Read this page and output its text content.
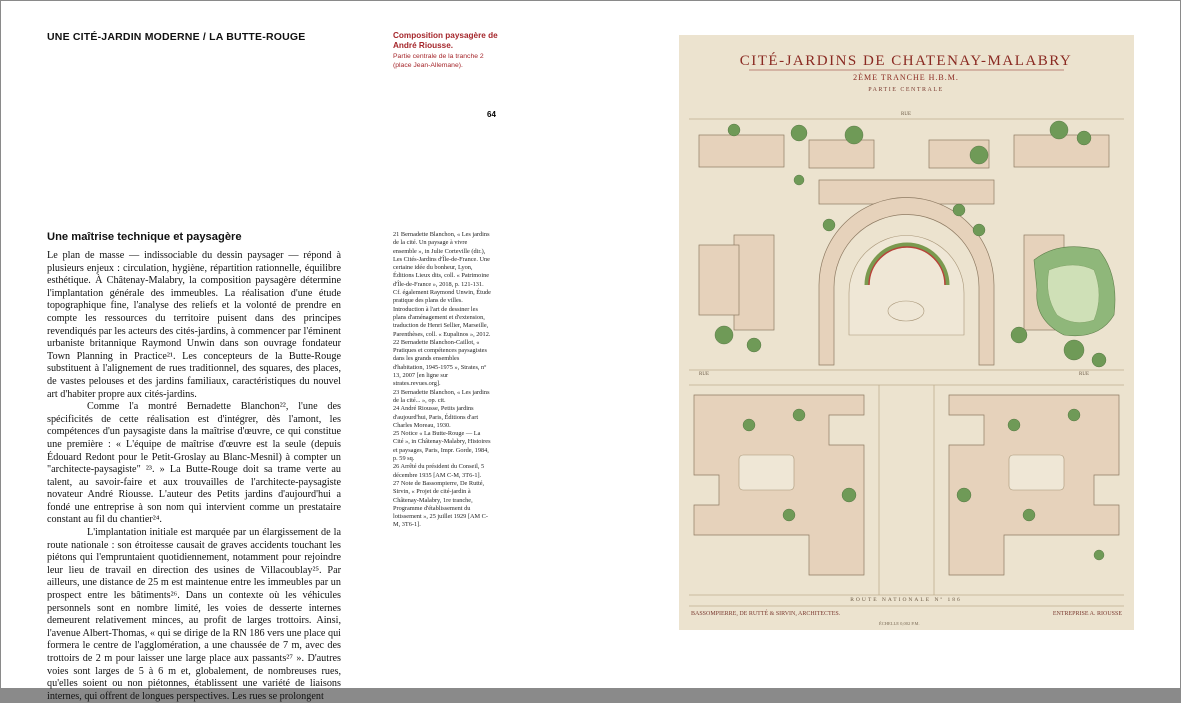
UNE CITÉ-JARDIN MODERNE / LA BUTTE-ROUGE	Composition paysagère de André Riousse.
Partie centrale de la tranche 2 (place Jean-Allemane).
64
Une maîtrise technique et paysagère

Le plan de masse — indissociable du dessin paysager — répond à plusieurs enjeux : circulation, hygiène, répartition rationnelle, équilibre esthétique. À Châtenay-Malabry, la composition paysagère détermine l'implantation générale des immeubles. La réalisation d'une étude topographique fine, l'analyse des reliefs et la volonté de prendre en compte les ressources du territoire puisent dans des principes revendiqués par les acteurs des cités-jardins, à commencer par l'éminent urbaniste britannique Raymond Unwin dans son ouvrage fondateur Town Planning in Practice²¹. Les concepteurs de la Butte-Rouge substituent à l'alignement de rues traditionnel, des squares, des places, de vastes pelouses et des jardins familiaux, caractéristiques du nouvel art d'habiter propre aux cités-jardins.

Comme l'a montré Bernadette Blanchon²², l'une des spécificités de cette réalisation est d'intégrer, dès l'amont, les compétences d'un paysagiste dans la maîtrise d'œuvre, ce qui constitue une première : « L'équipe de maîtrise d'œuvre est la seule (depuis Édouard Redont pour le Petit-Groslay au Blanc-Mesnil) à compter un "architecte-paysagiste" ²³. » La Butte-Rouge doit sa trame verte au talent, au savoir-faire et aux trouvailles de l'architecte-paysagiste novateur André Riousse. L'auteur des Petits jardins d'aujourd'hui a fondé une entreprise à son nom qui intervient comme un prestataire constant au fil du chantier²⁴.

L'implantation initiale est marquée par un élargissement de la route nationale : son étroitesse causait de graves accidents touchant les piétons qui l'empruntaient quotidiennement, notamment pour rejoindre leur lieu de travail en direction des usines de Villacoublay²⁵. Par ailleurs, une distance de 25 m est maintenue entre les immeubles par un prospect entre les bâtiments²⁶. Dans un contexte où les véhicules personnels sont en nombre limité, les voies de desserte internes demeurent relativement minces, au profit de larges trottoirs. Ainsi, l'avenue Albert-Thomas, « qui se dirige de la RN 186 vers une place qui formera le centre de l'agglomération, a une chaussée de 7 m, avec des trottoirs de 2 m pour laisser une large place aux passants²⁷ ». D'autres voies sont larges de 5 à 6 m et, globalement, de nombreuses rues, qu'elles soient ou non piétonnes, établissent une variété de liaisons internes, qui offrent de longues perspectives. Les rues se prolongent

21 Bernadette Blanchon, « Les jardins de la cité. Un paysage à vivre ensemble », in Julie Corteville (dir.), Les Cités-Jardins d'Île-de-France. Une certaine idée du bonheur, Lyon, Éditions Lieux dits, coll. « Patrimoine d'Île-de-France », 2018, p. 121-131. Cf. également Raymond Unwin, Étude pratique des plans de villes. Introduction à l'art de dessiner les plans d'aménagement et d'extension, traduction de Henri Sellier, Marseille, Parenthèses, coll. « Eupalinos », 2012.

22 Bernadette Blanchon-Caillot, « Pratiques et compétences paysagistes dans les grands ensembles d'habitation, 1945-1975 », Strates, nº 13, 2007 [en ligne sur strates.revues.org].

23 Bernadette Blanchon, « Les jardins de la cité... », op. cit.

24 André Riousse, Petits jardins d'aujourd'hui, Paris, Éditions d'art Charles Moreau, 1930.

25 Notice « La Butte-Rouge — La Cité », in Châtenay-Malabry, Histoires et paysages, Paris, Impr. Gorde, 1984, p. 59 sq.

26 Arrêté du président du Conseil, 5 décembre 1935 [AM C-M, 3T6-1].

27 Note de Bassompierre, De Rutté, Sirvin, « Projet de cité-jardin à Châtenay-Malabry, 1re tranche, Programme d'établissement du lotissement », 25 juillet 1929 [AM C-M, 3T6-1].

CITÉ-JARDINS DE CHATENAY-MALABRY
2ÈME TRANCHE H.B.M.
PARTIE CENTRALE
RUE	RUE
RUE
ROUTE NATIONALE Nº 186
BASSOMPIERRE, DE RUTTÉ & SIRVIN, ARCHITECTES.	ENTREPRISE A. RIOUSSE
ÉCHELLE 0,002 P.M.
